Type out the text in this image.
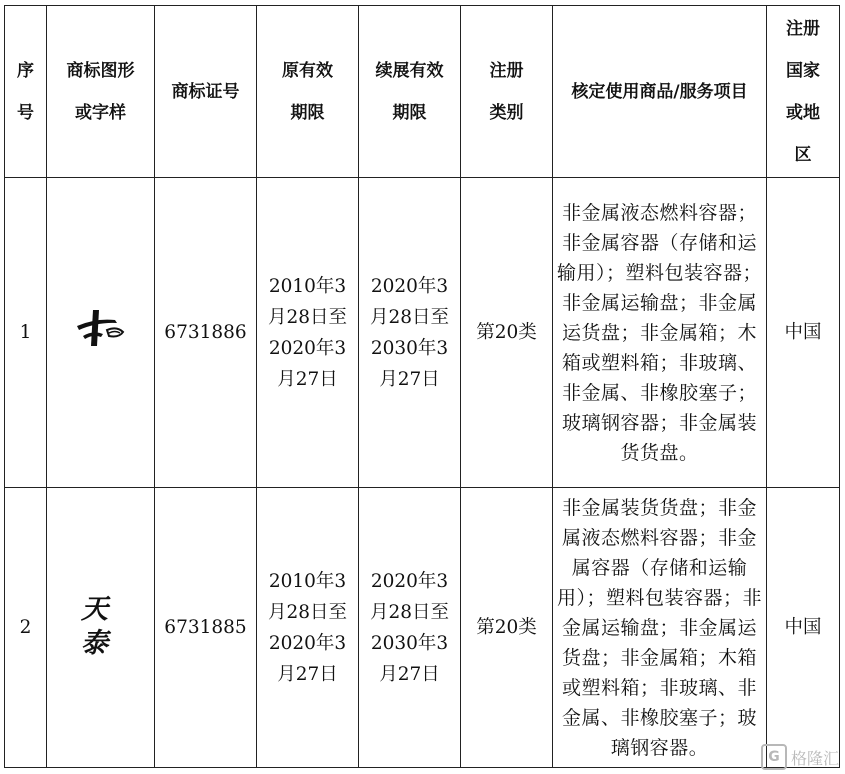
序号	商标图形或字样	商标证号	原有效期限	续展有效期限	注册类别	核定使用商品/服务项目	注册国家或地区

1		6731886	2010年3月28日至2020年3月27日	2020年3月28日至2030年3月27日	第20类	非金属液态燃料容器；非金属容器（存储和运输用）；塑料包装容器；非金属运输盘；非金属运货盘；非金属箱；木箱或塑料箱；非玻璃、非金属、非橡胶塞子；玻璃钢容器；非金属装货货盘。	中国
2	天 泰	6731885	2010年3月28日至2020年3月27日	2020年3月28日至2030年3月27日	第20类	非金属装货货盘；非金属液态燃料容器；非金属容器（存储和运输用）；塑料包装容器；非金属运输盘；非金属运货盘；非金属箱；木箱或塑料箱；非玻璃、非金属、非橡胶塞子；玻璃钢容器。	中国
G 格隆汇
